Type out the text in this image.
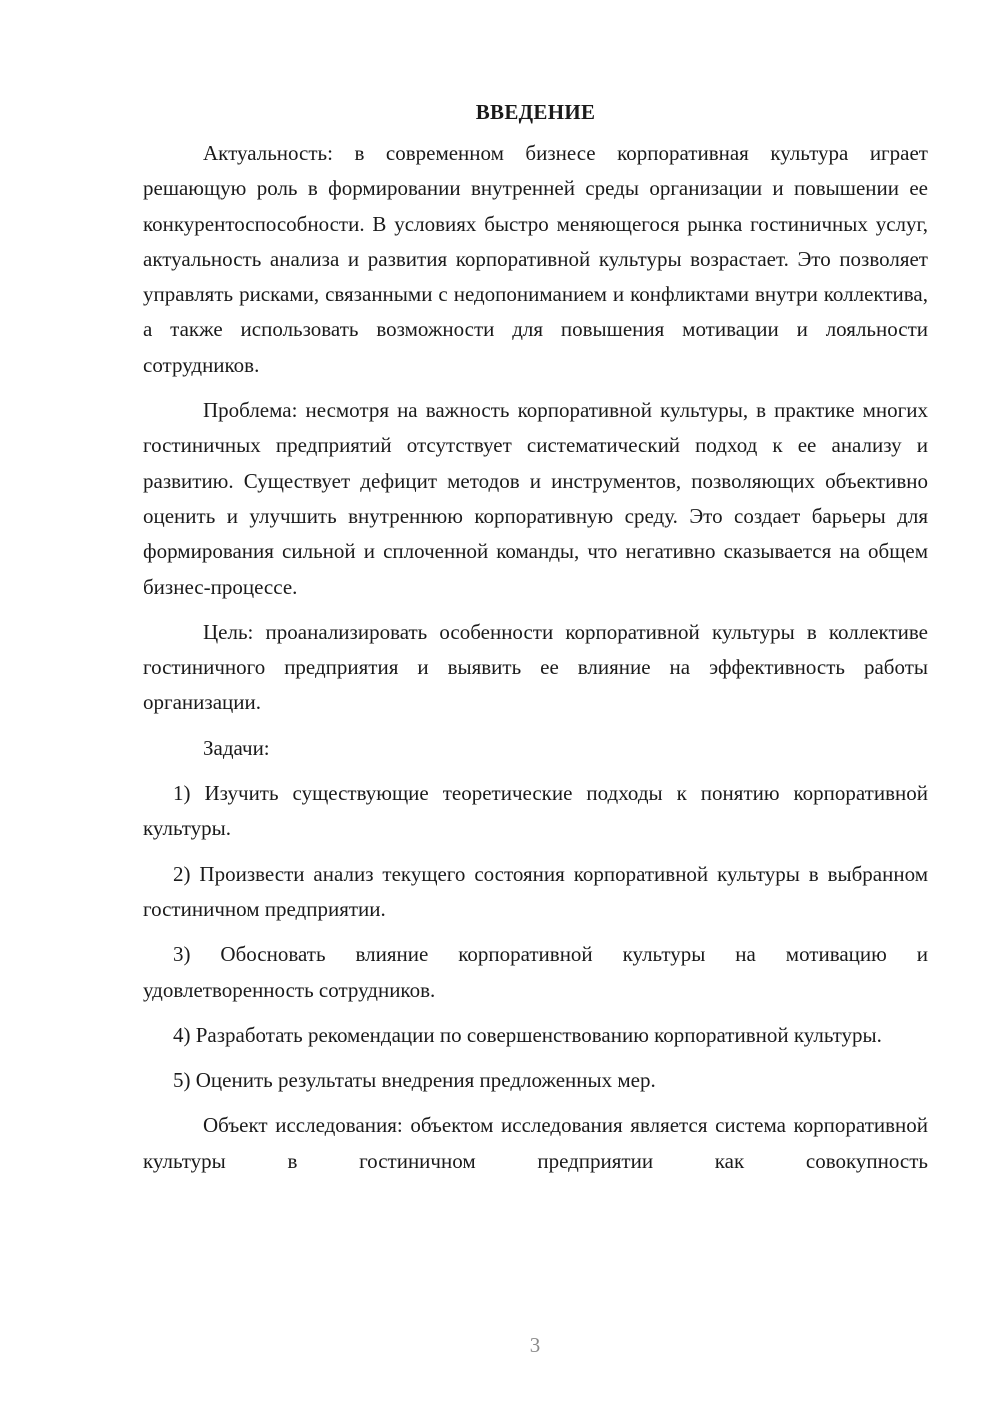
ВВЕДЕНИЕ

Актуальность: в современном бизнесе корпоративная культура играет решающую роль в формировании внутренней среды организации и повышении ее конкурентоспособности. В условиях быстро меняющегося рынка гостиничных услуг, актуальность анализа и развития корпоративной культуры возрастает. Это позволяет управлять рисками, связанными с недопониманием и конфликтами внутри коллектива, а также использовать возможности для повышения мотивации и лояльности сотрудников.

Проблема: несмотря на важность корпоративной культуры, в практике многих гостиничных предприятий отсутствует систематический подход к ее анализу и развитию. Существует дефицит методов и инструментов, позволяющих объективно оценить и улучшить внутреннюю корпоративную среду. Это создает барьеры для формирования сильной и сплоченной команды, что негативно сказывается на общем бизнес-процессе.

Цель: проанализировать особенности корпоративной культуры в коллективе гостиничного предприятия и выявить ее влияние на эффективность работы организации.

Задачи:

1) Изучить существующие теоретические подходы к понятию корпоративной культуры.

2) Произвести анализ текущего состояния корпоративной культуры в выбранном гостиничном предприятии.

3) Обосновать влияние корпоративной культуры на мотивацию и удовлетворенность сотрудников.

4) Разработать рекомендации по совершенствованию корпоративной культуры.

5) Оценить результаты внедрения предложенных мер.

Объект исследования: объектом исследования является система корпоративной культуры в гостиничном предприятии как совокупность

3
